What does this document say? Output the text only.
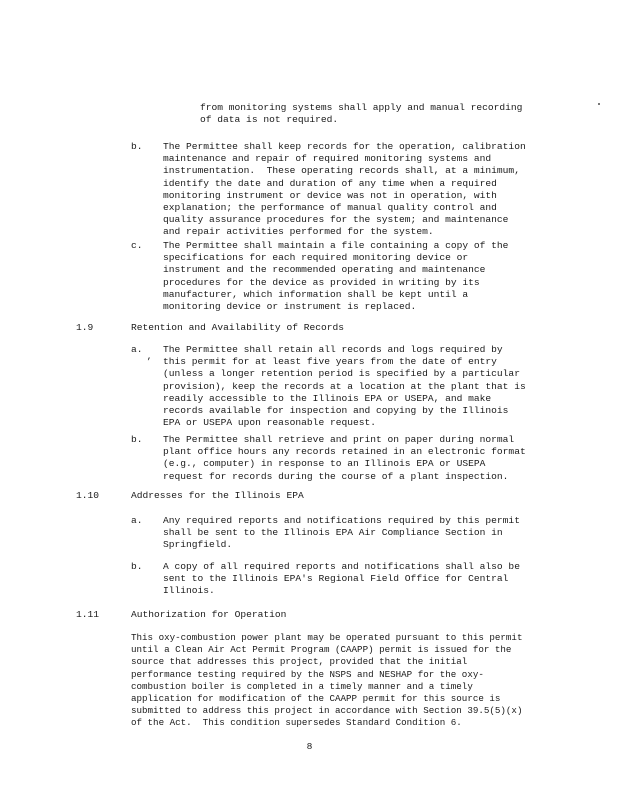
from monitoring systems shall apply and manual recording
of data is not required.
b. The Permittee shall keep records for the operation, calibration
maintenance and repair of required monitoring systems and
instrumentation.  These operating records shall, at a minimum,
identify the date and duration of any time when a required
monitoring instrument or device was not in operation, with
explanation; the performance of manual quality control and
quality assurance procedures for the system; and maintenance
and repair activities performed for the system.
c. The Permittee shall maintain a file containing a copy of the
specifications for each required monitoring device or
instrument and the recommended operating and maintenance
procedures for the device as provided in writing by its
manufacturer, which information shall be kept until a
monitoring device or instrument is replaced.
1.9	Retention and Availability of Records
a.
’
The Permittee shall retain all records and logs required by
this permit for at least five years from the date of entry
(unless a longer retention period is specified by a particular
provision), keep the records at a location at the plant that is
readily accessible to the Illinois EPA or USEPA, and make
records available for inspection and copying by the Illinois
EPA or USEPA upon reasonable request.
b. The Permittee shall retrieve and print on paper during normal
plant office hours any records retained in an electronic format
(e.g., computer) in response to an Illinois EPA or USEPA
request for records during the course of a plant inspection.
1.10	Addresses for the Illinois EPA
a. Any required reports and notifications required by this permit
shall be sent to the Illinois EPA Air Compliance Section in
Springfield.
b. A copy of all required reports and notifications shall also be
sent to the Illinois EPA's Regional Field Office for Central
Illinois.
1.11	Authorization for Operation
This oxy-combustion power plant may be operated pursuant to this permit
until a Clean Air Act Permit Program (CAAPP) permit is issued for the
source that addresses this project, provided that the initial
performance testing required by the NSPS and NESHAP for the oxy-
combustion boiler is completed in a timely manner and a timely
application for modification of the CAAPP permit for this source is
submitted to address this project in accordance with Section 39.5(5)(x)
of the Act.  This condition supersedes Standard Condition 6.
8
